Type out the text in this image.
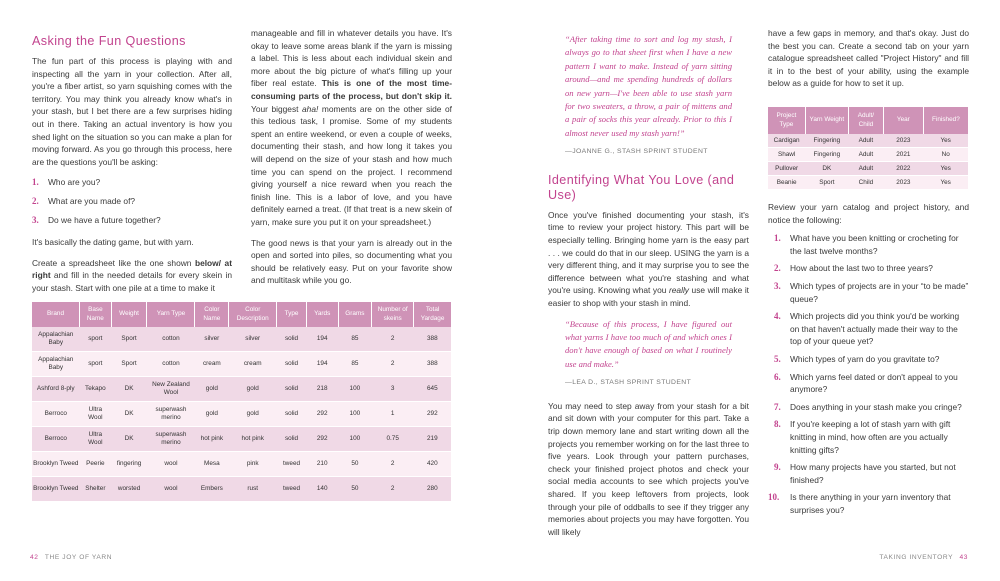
Asking the Fun Questions

The fun part of this process is playing with and inspecting all the yarn in your collection. After all, you're a fiber artist, so yarn squishing comes with the territory. You may think you already know what's in your stash, but I bet there are a few surprises hiding out in there. Taking an actual inventory is how you shed light on the situation so you can make a plan for moving forward. As you go through this process, here are the questions you'll be asking:

1. Who are you?
2. What are you made of?
3. Do we have a future together?

It's basically the dating game, but with yarn.

Create a spreadsheet like the one shown below/ at right and fill in the needed details for every skein in your stash. Start with one pile at a time to make it

manageable and fill in whatever details you have. It's okay to leave some areas blank if the yarn is missing a label. This is less about each individual skein and more about the big picture of what's filling up your fiber real estate. This is one of the most time-consuming parts of the process, but don't skip it. Your biggest aha! moments are on the other side of this tedious task, I promise. Some of my students spent an entire weekend, or even a couple of weeks, documenting their stash, and how long it takes you will depend on the size of your stash and how much time you can spend on the project. I recommend giving yourself a nice reward when you reach the finish line. This is a labor of love, and you have definitely earned a treat. (If that treat is a new skein of yarn, make sure you put it on your spreadsheet.)

The good news is that your yarn is already out in the open and sorted into piles, so documenting what you should be relatively easy. Put on your favorite show and multitask while you go.

Brand	Base Name	Weight	Yarn Type	Color Name	Color Description	Type	Yards	Grams	Number of skeins	Total Yardage
Appalachian Baby	sport	Sport	cotton	silver	silver	solid	194	85	2	388
Appalachian Baby	sport	Sport	cotton	cream	cream	solid	194	85	2	388
Ashford 8-ply	Tekapo	DK	New Zealand Wool	gold	gold	solid	218	100	3	645
Berroco	Ultra Wool	DK	superwash merino	gold	gold	solid	292	100	1	292
Berroco	Ultra Wool	DK	superwash merino	hot pink	hot pink	solid	292	100	0.75	219
Brooklyn Tweed	Peerie	fingering	wool	Mesa	pink	tweed	210	50	2	420
Brooklyn Tweed	Shelter	worsted	wool	Embers	rust	tweed	140	50	2	280
“After taking time to sort and log my stash, I always go to that sheet first when I have a new pattern I want to make. Instead of yarn sitting around—and me spending hundreds of dollars on new yarn—I've been able to use stash yarn for two sweaters, a throw, a pair of mittens and a pair of socks this year already. Prior to this I almost never used my stash yarn!”
—JOANNE G., STASH SPRINT STUDENT
Identifying What You Love (and Use)

Once you've finished documenting your stash, it's time to review your project history. This part will be especially telling. Bringing home yarn is the easy part . . . we could do that in our sleep. USING the yarn is a very different thing, and it may surprise you to see the difference between what you're stashing and what you're using. Knowing what you really use will make it easier to shop with your stash in mind.

“Because of this process, I have figured out what yarns I have too much of and which ones I don't have enough of based on what I routinely use and make.”
—LEA D., STASH SPRINT STUDENT

You may need to step away from your stash for a bit and sit down with your computer for this part. Take a trip down memory lane and start writing down all the projects you remember working on for the last three to five years. Look through your pattern purchases, check your finished project photos and check your social media accounts to see which projects you've shared. If you keep leftovers from projects, look through your pile of oddballs to see if they trigger any memories about projects you may have forgotten. You will likely

have a few gaps in memory, and that's okay. Just do the best you can. Create a second tab on your yarn catalogue spreadsheet called "Project History" and fill it in to the best of your ability, using the example below as a guide for how to set it up.

Project Type	Yarn Weight	Adult/ Child	Year	Finished?
Cardigan	Fingering	Adult	2023	Yes
Shawl	Fingering	Adult	2021	No
Pullover	DK	Adult	2022	Yes
Beanie	Sport	Child	2023	Yes

Review your yarn catalog and project history, and notice the following:

1. What have you been knitting or crocheting for the last twelve months?
2. How about the last two to three years?
3. Which types of projects are in your “to be made” queue?
4. Which projects did you think you'd be working on that haven't actually made their way to the top of your queue yet?
5. Which types of yarn do you gravitate to?
6. Which yarns feel dated or don't appeal to you anymore?
7. Does anything in your stash make you cringe?
8. If you're keeping a lot of stash yarn with gift knitting in mind, how often are you actually knitting gifts?
9. How many projects have you started, but not finished?
10. Is there anything in your yarn inventory that surprises you?
42 THE JOY OF YARN	TAKING INVENTORY 43
